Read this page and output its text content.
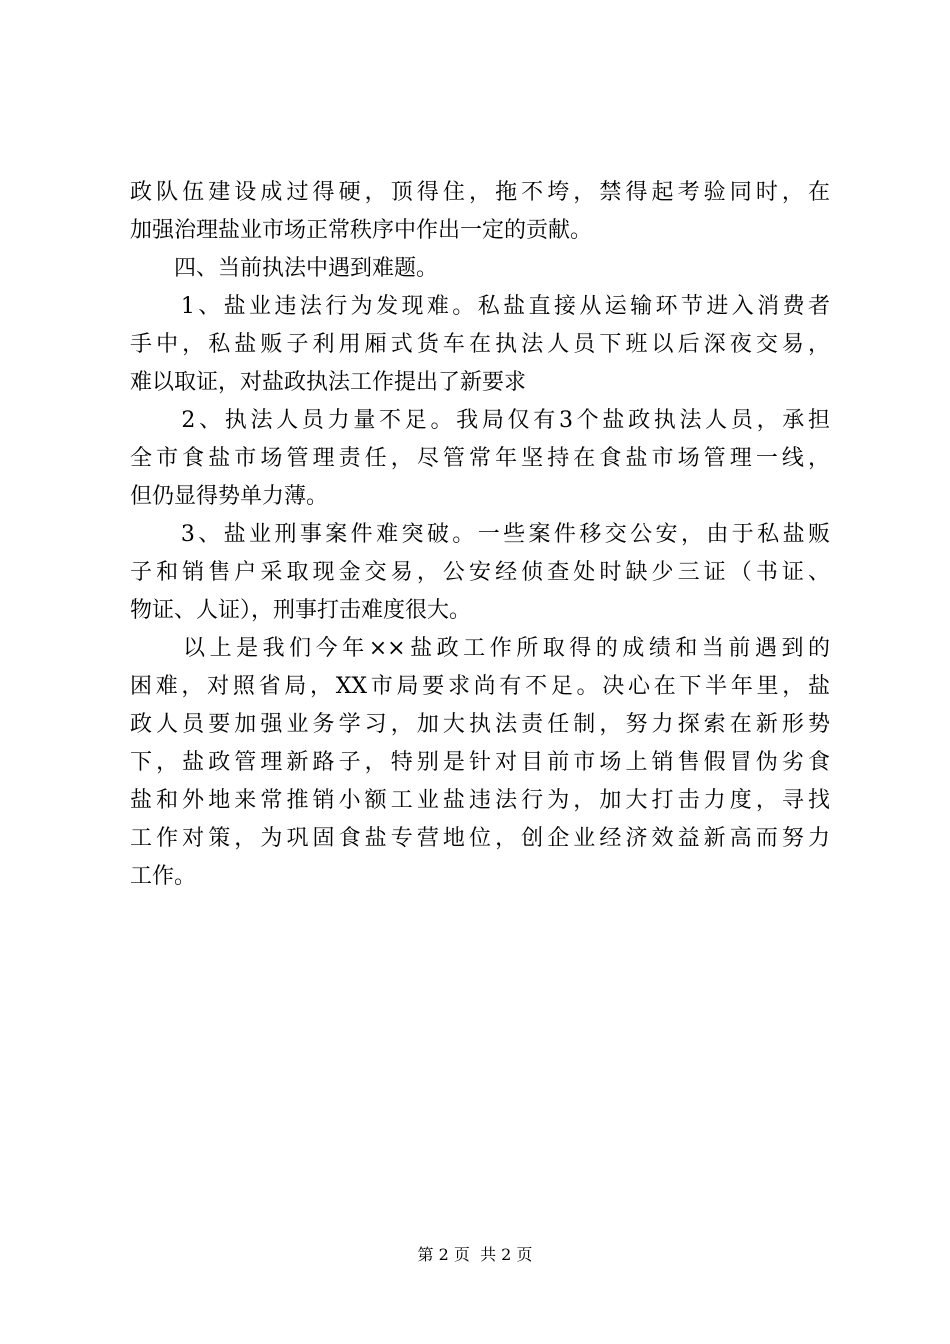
政队伍建设成过得硬，顶得住，拖不垮，禁得起考验同时，在
加强治理盐业市场正常秩序中作出一定的贡献。
　　四、当前执法中遇到难题。
　　1、盐业违法行为发现难。私盐直接从运输环节进入消费者
手中，私盐贩子利用厢式货车在执法人员下班以后深夜交易，
难以取证，对盐政执法工作提出了新要求
　　2、执法人员力量不足。我局仅有3个盐政执法人员，承担
全市食盐市场管理责任，尽管常年坚持在食盐市场管理一线，
但仍显得势单力薄。
　　3、盐业刑事案件难突破。一些案件移交公安，由于私盐贩
子和销售户采取现金交易，公安经侦查处时缺少三证（书证、
物证、人证），刑事打击难度很大。
　　以上是我们今年××盐政工作所取得的成绩和当前遇到的
困难，对照省局，XX市局要求尚有不足。决心在下半年里，盐
政人员要加强业务学习，加大执法责任制，努力探索在新形势
下，盐政管理新路子，特别是针对目前市场上销售假冒伪劣食
盐和外地来常推销小额工业盐违法行为，加大打击力度，寻找
工作对策，为巩固食盐专营地位，创企业经济效益新高而努力
工作。
第 2 页  共 2 页
